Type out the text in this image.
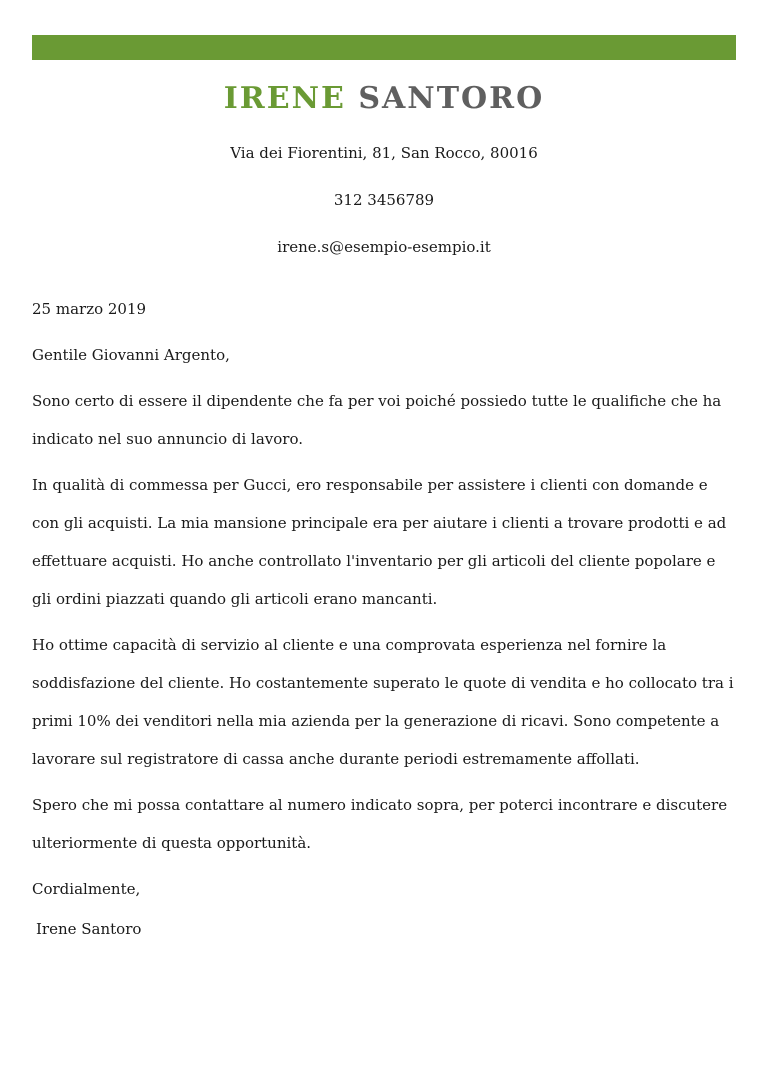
IRENE SANTORO
Via dei Fiorentini, 81, San Rocco, 80016
312 3456789
irene.s@esempio-esempio.it

25 marzo 2019

Gentile Giovanni Argento,

Sono certo di essere il dipendente che fa per voi poiché possiedo tutte le qualifiche che ha indicato nel suo annuncio di lavoro.

In qualità di commessa per Gucci, ero responsabile per assistere i clienti con domande e con gli acquisti. La mia mansione principale era per aiutare i clienti a trovare prodotti e ad effettuare acquisti. Ho anche controllato l'inventario per gli articoli del cliente popolare e gli ordini piazzati quando gli articoli erano mancanti.

Ho ottime capacità di servizio al cliente e una comprovata esperienza nel fornire la soddisfazione del cliente. Ho costantemente superato le quote di vendita e ho collocato tra i primi 10% dei venditori nella mia azienda per la generazione di ricavi. Sono competente a lavorare sul registratore di cassa anche durante periodi estremamente affollati.

Spero che mi possa contattare al numero indicato sopra, per poterci incontrare e discutere ulteriormente di questa opportunità.

Cordialmente,

Irene Santoro
